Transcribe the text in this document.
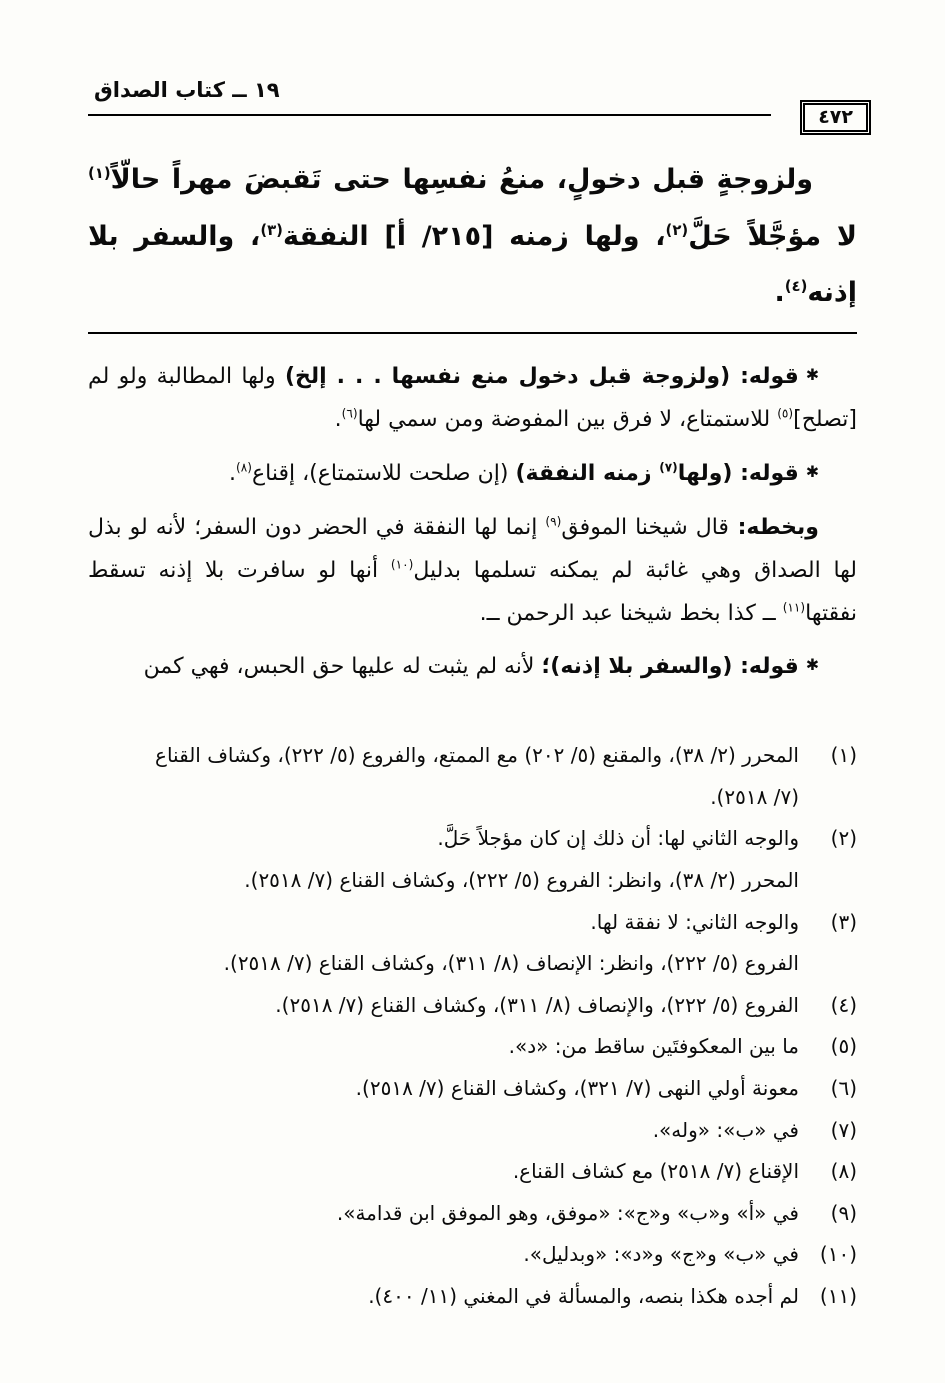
١٩ ــ كتاب الصداق
٤٧٢
ولزوجةٍ قبل دخولٍ، منعُ نفسِها حتى تَقبضَ مهراً حالّاً$^{(١)}$ لا مؤجَّلاً حَلَّ$^{(٢)}$، ولها زمنه [٢١٥/ أ] النفقة$^{(٣)}$، والسفر بلا إذنه$^{(٤)}$.

✱قوله: (ولزوجة قبل دخول منع نفسها . . . إلخ) ولها المطالبة ولو لم [تصلح]$^{(٥)}$ للاستمتاع، لا فرق بين المفوضة ومن سمي لها$^{(٦)}$.

✱قوله: (ولها$^{(٧)}$ زمنه النفقة) (إن صلحت للاستمتاع)، إقناع$^{(٨)}$.

وبخطه: قال شيخنا الموفق$^{(٩)}$ إنما لها النفقة في الحضر دون السفر؛ لأنه لو بذل لها الصداق وهي غائبة لم يمكنه تسلمها بدليل$^{(١٠)}$ أنها لو سافرت بلا إذنه تسقط نفقتها$^{(١١)}$ ــ كذا بخط شيخنا عبد الرحمن ــ.

✱قوله: (والسفر بلا إذنه)؛ لأنه لم يثبت له عليها حق الحبس، فهي كمن

(١)
المحرر (٢/ ٣٨)، والمقنع (٥/ ٢٠٢) مع الممتع، والفروع (٥/ ٢٢٢)، وكشاف القناع
(٧/ ٢٥١٨).
(٢)
والوجه الثاني لها: أن ذلك إن كان مؤجلاً حَلَّ.
المحرر (٢/ ٣٨)، وانظر: الفروع (٥/ ٢٢٢)، وكشاف القناع (٧/ ٢٥١٨).
(٣)
والوجه الثاني: لا نفقة لها.
الفروع (٥/ ٢٢٢)، وانظر: الإنصاف (٨/ ٣١١)، وكشاف القناع (٧/ ٢٥١٨).
(٤)
الفروع (٥/ ٢٢٢)، والإنصاف (٨/ ٣١١)، وكشاف القناع (٧/ ٢٥١٨).
(٥)
ما بين المعكوفتَين ساقط من: «د».
(٦)
معونة أولي النهى (٧/ ٣٢١)، وكشاف القناع (٧/ ٢٥١٨).
(٧)
في «ب»: «وله».
(٨)
الإقناع (٧/ ٢٥١٨) مع كشاف القناع.
(٩)
في «أ» و«ب» و«ج»: «موفق، وهو الموفق ابن قدامة».
(١٠)
في «ب» و«ج» و«د»: «وبدليل».
(١١)
لم أجده هكذا بنصه، والمسألة في المغني (١١/ ٤٠٠).
